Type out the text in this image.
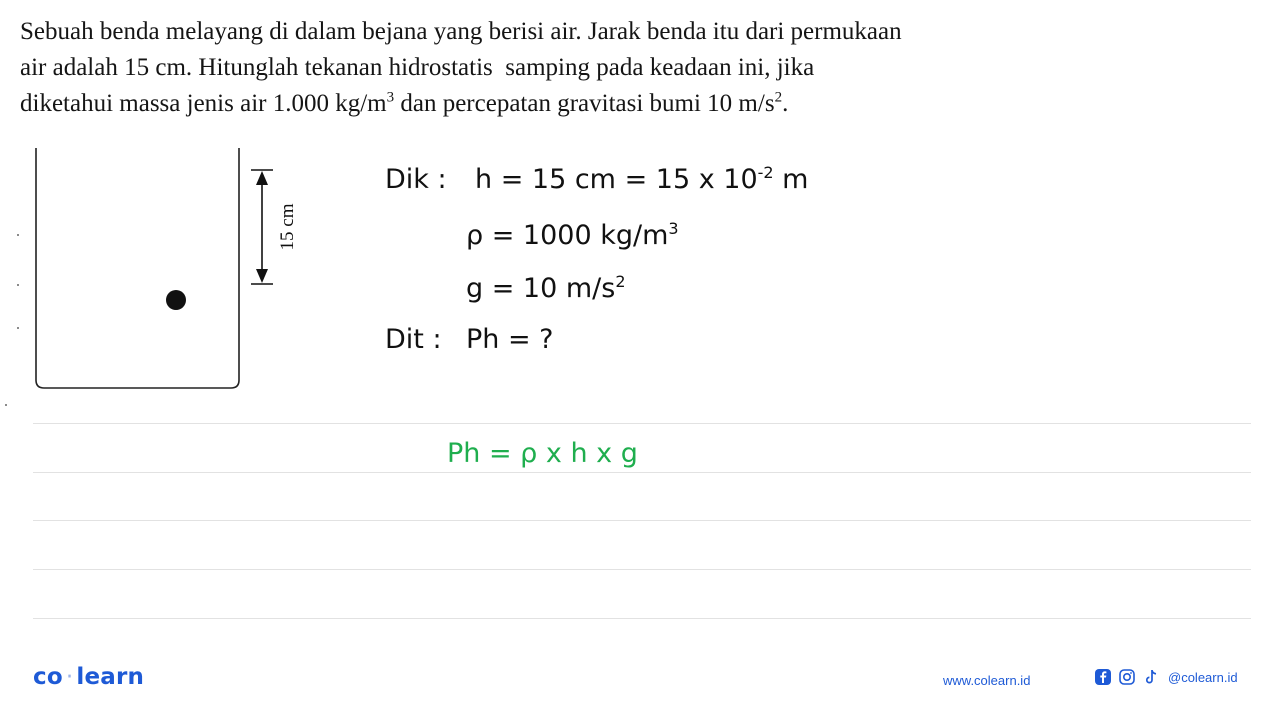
Sebuah benda melayang di dalam bejana yang berisi air. Jarak benda itu dari permukaan
air adalah 15 cm. Hitunglah tekanan hidrostatis  samping pada keadaan ini, jika
diketahui massa jenis air 1.000 $kg/m^3$ dan percepatan gravitasi bumi 10 $m/s^2$.
15 cm
Dik : h = 15 cm = 15 x $10^{-2}$ m
ρ = 1000 $kg/m^3$
g = 10 $m/s^2$
Dit : Ph = ?
Ph = ρ x h x g
co · learn	www.colearn.id	@colearn.id
